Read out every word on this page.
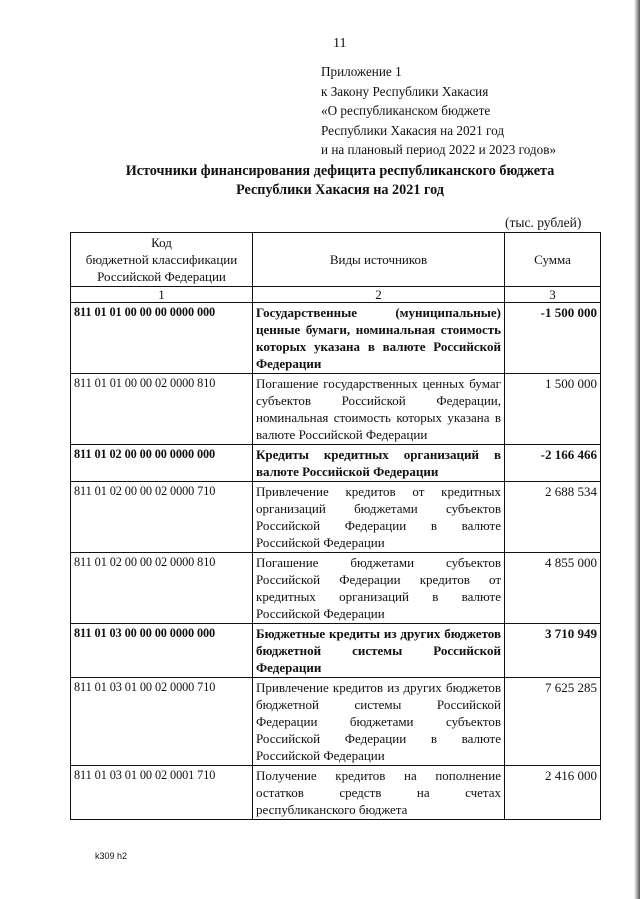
11
Приложение 1
к Закону Республики Хакасия
«О республиканском бюджете
Республики Хакасия на 2021 год
и на плановый период 2022 и 2023 годов»
Источники финансирования дефицита республиканского бюджета
Республики Хакасия на 2021 год
(тыс. рублей)
Код
бюджетной классификации
Российской Федерации	Виды источников	Сумма
1	2	3
811 01 01 00 00 00 0000 000	Государственные (муниципальные) ценные бумаги, номинальная стоимость которых указана в валюте Российской Федерации	-1 500 000
811 01 01 00 00 02 0000 810	Погашение государственных ценных бумаг субъектов Российской Федерации, номинальная стоимость которых указана в валюте Российской Федерации	1 500 000
811 01 02 00 00 00 0000 000	Кредиты кредитных организаций в валюте Российской Федерации	-2 166 466
811 01 02 00 00 02 0000 710	Привлечение кредитов от кредитных организаций бюджетами субъектов Российской Федерации в валюте Российской Федерации	2 688 534
811 01 02 00 00 02 0000 810	Погашение бюджетами субъектов Российской Федерации кредитов от кредитных организаций в валюте Российской Федерации	4 855 000
811 01 03 00 00 00 0000 000	Бюджетные кредиты из других бюджетов бюджетной системы Российской Федерации	3 710 949
811 01 03 01 00 02 0000 710	Привлечение кредитов из других бюджетов бюджетной системы Российской Федерации бюджетами субъектов Российской Федерации в валюте Российской Федерации	7 625 285
811 01 03 01 00 02 0001 710	Получение кредитов на пополнение остатков средств на счетах республиканского бюджета	2 416 000
k309 h2
